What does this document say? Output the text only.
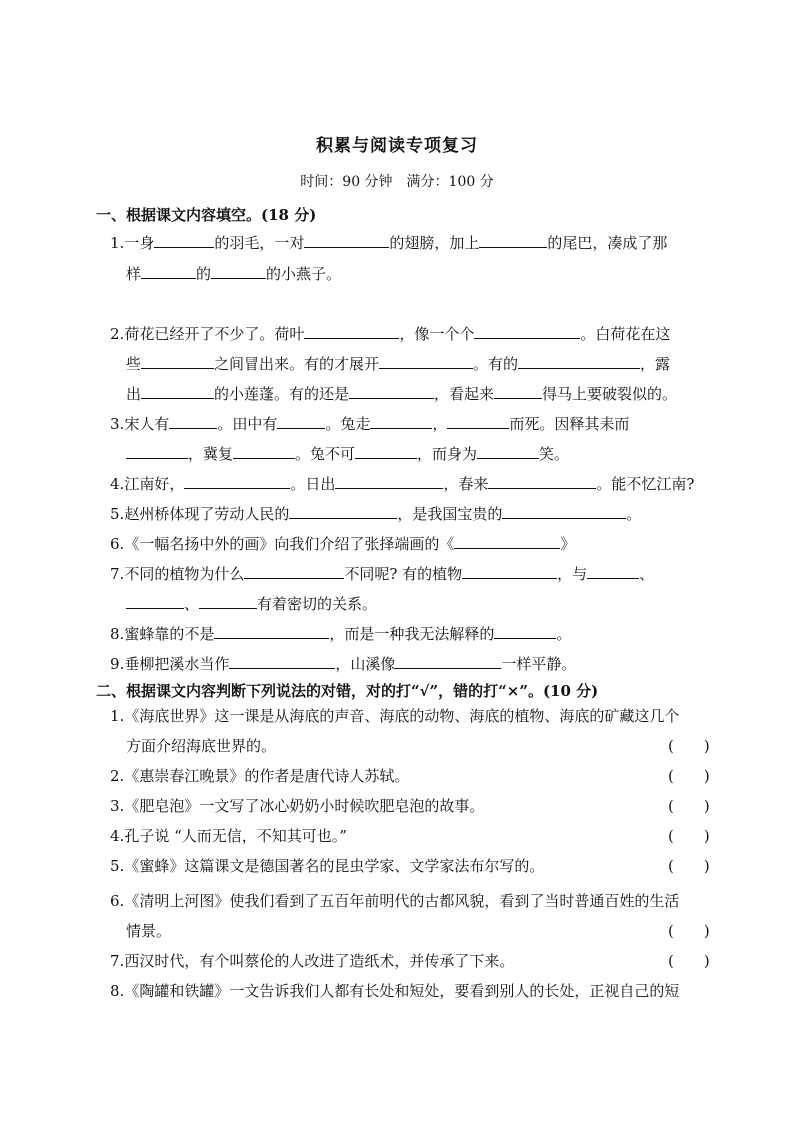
积累与阅读专项复习
时间：90 分钟　满分：100 分
一、根据课文内容填空。(18 分)
1.一身	的羽毛，一对	的翅膀，加上	的尾巴，凑成了那
样	的	的小燕子。
2.荷花已经开了不少了。荷叶	，像一个个	。白荷花在这
些	之间冒出来。有的才展开	。有的	，露
出	的小莲蓬。有的还是	，看起来	得马上要破裂似的。
3.宋人有	。田中有	。兔走	，	而死。因释其耒而
，冀复	。兔不可	，而身为	笑。
4.江南好，	。日出	，春来	。能不忆江南?
5.赵州桥体现了劳动人民的	，是我国宝贵的	。
6.《一幅名扬中外的画》向我们介绍了张择端画的《	》
7.不同的植物为什么	不同呢? 有的植物	，与	、
、	有着密切的关系。
8.蜜蜂靠的不是	，而是一种我无法解释的	。
9.垂柳把溪水当作	，山溪像	一样平静。
二、根据课文内容判断下列说法的对错，对的打“√”，错的打“×”。(10 分)
1.《海底世界》这一课是从海底的声音、海底的动物、海底的植物、海底的矿藏这几个
方面介绍海底世界的。	(　　)
2.《惠崇春江晚景》的作者是唐代诗人苏轼。	(　　)
3.《肥皂泡》一文写了冰心奶奶小时候吹肥皂泡的故事。	(　　)
4.孔子说 “人而无信，不知其可也。”	(　　)
5.《蜜蜂》这篇课文是德国著名的昆虫学家、文学家法布尔写的。	(　　)
6.《清明上河图》使我们看到了五百年前明代的古都风貌，看到了当时普通百姓的生活
情景。	(　　)
7.西汉时代，有个叫蔡伦的人改进了造纸术，并传承了下来。	(　　)
8.《陶罐和铁罐》一文告诉我们人都有长处和短处，要看到别人的长处，正视自己的短
